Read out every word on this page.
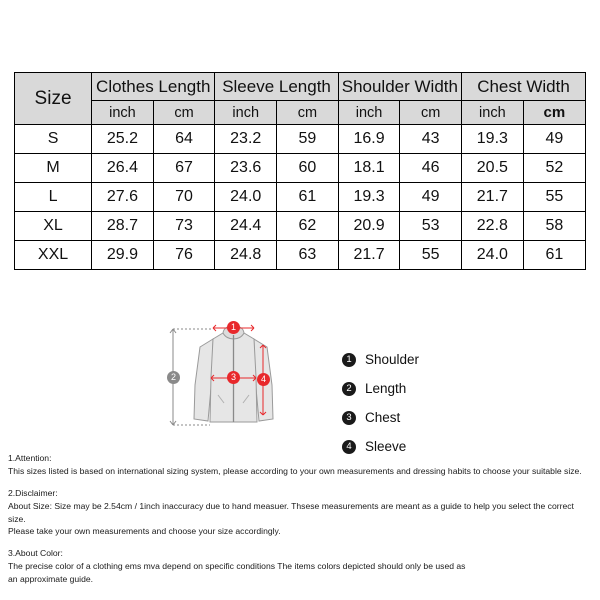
Size	Clothes Length		Sleeve Length		Shoulder Width		Chest Width	
	inch	cm	inch	cm	inch	cm	inch	cm
S	25.2	64	23.2	59	16.9	43	19.3	49
M	26.4	67	23.6	60	18.1	46	20.5	52
L	27.6	70	24.0	61	19.3	49	21.7	55
XL	28.7	73	24.4	62	20.9	53	22.8	58
XXL	29.9	76	24.8	63	21.7	55	24.0	61
1
2	3	4
1 Shoulder
2 Length
3 Chest
4 Sleeve

1.Attention:

This sizes listed is based on international sizing system, please according to your own measurements and dressing habits to choose your suitable size.

2.Disclaimer:

About Size: Size may be 2.54cm / 1inch inaccuracy due to hand measuer. Thsese measurements are meant as a guide to help you select the correct size.

Please take your own measurements and choose your size accordingly.

3.About Color:

The precise color of a clothing ems mva depend on specific conditions The items colors depicted should only be used as

an approximate guide.
